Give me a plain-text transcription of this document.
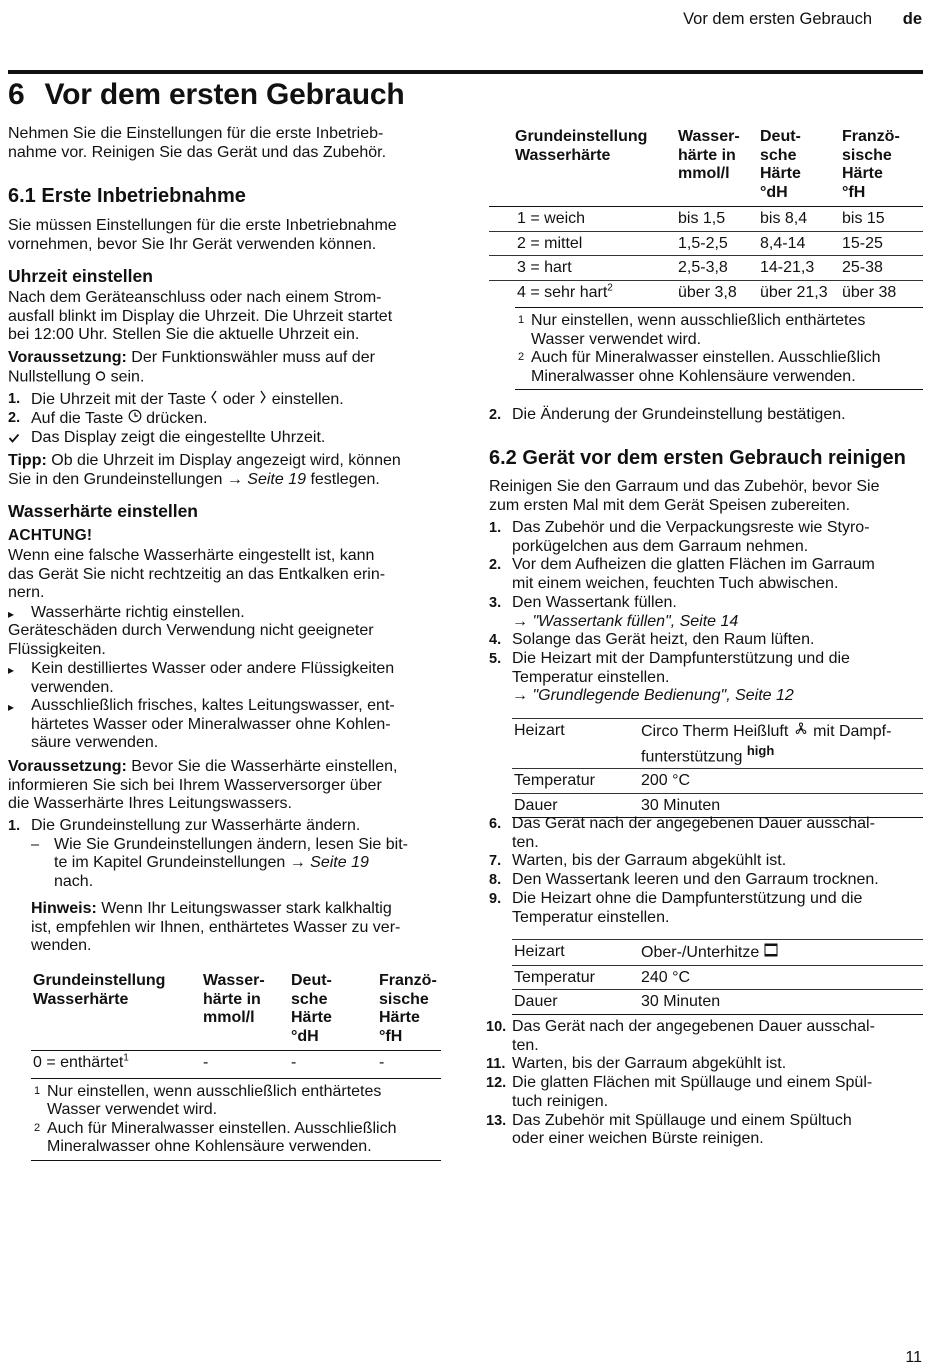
Vor dem ersten Gebrauch de
6 Vor dem ersten Gebrauch

Nehmen Sie die Einstellungen für die erste Inbetrieb-

nahme vor. Reinigen Sie das Gerät und das Zubehör.

6.1 Erste Inbetriebnahme

Sie müssen Einstellungen für die erste Inbetriebnahme

vornehmen, bevor Sie Ihr Gerät verwenden können.

Uhrzeit einstellen

Nach dem Geräteanschluss oder nach einem Strom-

ausfall blinkt im Display die Uhrzeit. Die Uhrzeit startet

bei 12:00 Uhr. Stellen Sie die aktuelle Uhrzeit ein.

Voraussetzung: Der Funktionswähler muss auf der

Nullstellung  sein.

1. Die Uhrzeit mit der Taste  oder  einstellen.

2. Auf die Taste  drücken.

Das Display zeigt die eingestellte Uhrzeit.

Tipp: Ob die Uhrzeit im Display angezeigt wird, können

Sie in den Grundeinstellungen → Seite 19 festlegen.

Wasserhärte einstellen

ACHTUNG!

Wenn eine falsche Wasserhärte eingestellt ist, kann

das Gerät Sie nicht rechtzeitig an das Entkalken erin-

nern.

▸ Wasserhärte richtig einstellen.

Geräteschäden durch Verwendung nicht geeigneter

Flüssigkeiten.

▸ Kein destilliertes Wasser oder andere Flüssigkeiten
verwenden.

▸ Ausschließlich frisches, kaltes Leitungswasser, ent-
härtetes Wasser oder Mineralwasser ohne Kohlen-
säure verwenden.

Voraussetzung: Bevor Sie die Wasserhärte einstellen,

informieren Sie sich bei Ihrem Wasserversorger über

die Wasserhärte Ihres Leitungswassers.

1. Die Grundeinstellung zur Wasserhärte ändern.

– Wie Sie Grundeinstellungen ändern, lesen Sie bit-
te im Kapitel Grundeinstellungen → Seite 19
nach.

Hinweis: Wenn Ihr Leitungswasser stark kalkhaltig

ist, empfehlen wir Ihnen, enthärtetes Wasser zu ver-

wenden.

Grundeinstellung
Wasserhärte	Wasser-
härte in
mmol/l	Deut-
sche
Härte
°dH	Franzö-
sische
Härte
°fH
0 = enthärtet$^1$	-	-	-
1 Nur einstellen, wenn ausschließlich enthärtetes
Wasser verwendet wird.
2 Auch für Mineralwasser einstellen. Ausschließlich
Mineralwasser ohne Kohlensäure verwenden.
Grundeinstellung
Wasserhärte	Wasser-
härte in
mmol/l	Deut-
sche
Härte
°dH	Franzö-
sische
Härte
°fH
1 = weich	bis 1,5	bis 8,4	bis 15
2 = mittel	1,5-2,5	8,4-14	15-25
3 = hart	2,5-3,8	14-21,3	25-38
4 = sehr hart$^2$	über 3,8	über 21,3	über 38
1 Nur einstellen, wenn ausschließlich enthärtetes
Wasser verwendet wird.
2 Auch für Mineralwasser einstellen. Ausschließlich
Mineralwasser ohne Kohlensäure verwenden.

2. Die Änderung der Grundeinstellung bestätigen.

6.2 Gerät vor dem ersten Gebrauch reinigen

Reinigen Sie den Garraum und das Zubehör, bevor Sie

zum ersten Mal mit dem Gerät Speisen zubereiten.

1. Das Zubehör und die Verpackungsreste wie Styro-
porkügelchen aus dem Garraum nehmen.

2. Vor dem Aufheizen die glatten Flächen im Garraum
mit einem weichen, feuchten Tuch abwischen.

3. Den Wassertank füllen.
→ "Wassertank füllen", Seite 14

4. Solange das Gerät heizt, den Raum lüften.

5. Die Heizart mit der Dampfunterstützung und die
Temperatur einstellen.
→ "Grundlegende Bedienung", Seite 12

Heizart	Circo Therm Heißluft  mit Dampf-
funterstützung $^{high}$
Temperatur	200 °C
Dauer	30 Minuten

6. Das Gerät nach der angegebenen Dauer ausschal-
ten.

7. Warten, bis der Garraum abgekühlt ist.

8. Den Wassertank leeren und den Garraum trocknen.

9. Die Heizart ohne die Dampfunterstützung und die
Temperatur einstellen.

Heizart	Ober-/Unterhitze
Temperatur	240 °C
Dauer	30 Minuten

10. Das Gerät nach der angegebenen Dauer ausschal-
ten.

11. Warten, bis der Garraum abgekühlt ist.

12. Die glatten Flächen mit Spüllauge und einem Spül-
tuch reinigen.

13. Das Zubehör mit Spüllauge und einem Spültuch
oder einer weichen Bürste reinigen.

11
